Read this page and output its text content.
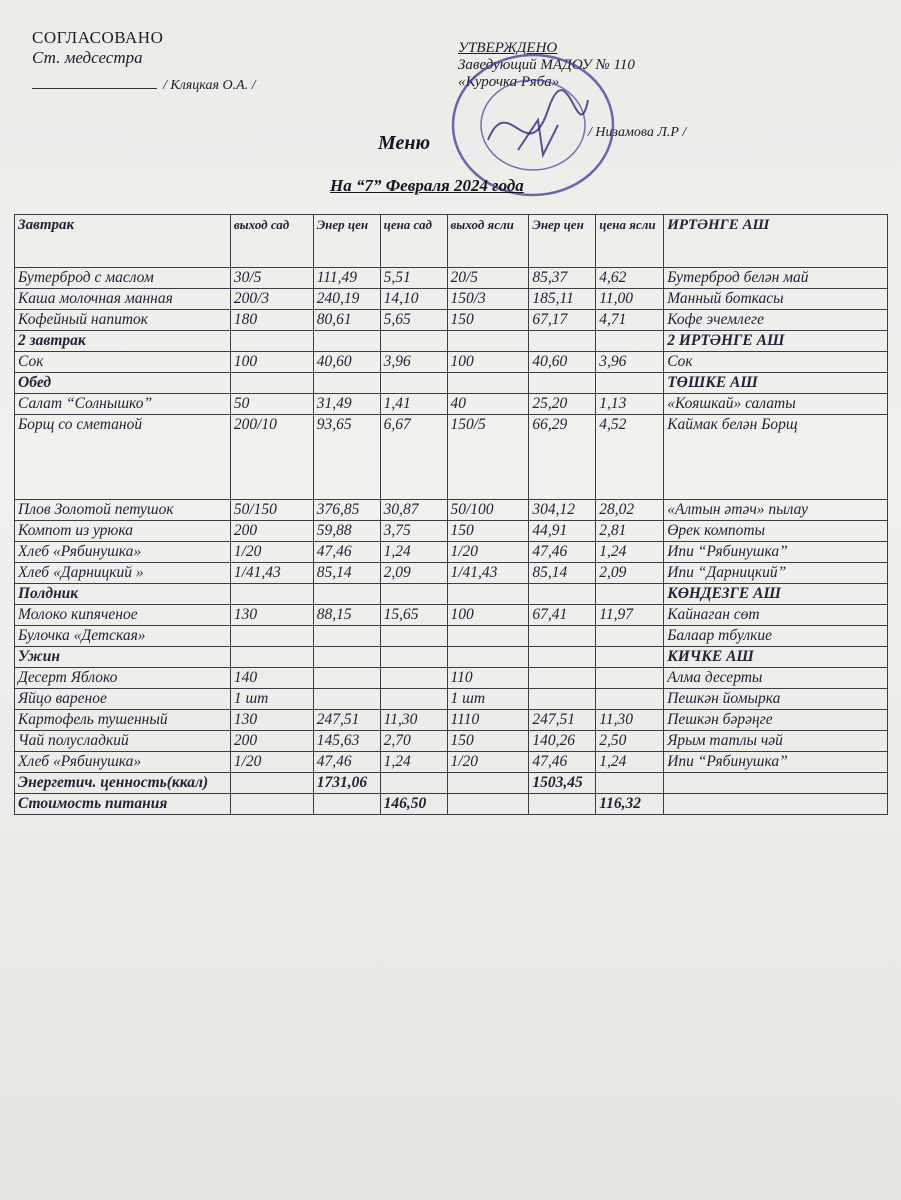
СОГЛАСОВАНО
Ст. медсестра
/ Кляцкая О.А. /
УТВЕРЖДЕНО
Заведующий МАДОУ № 110
«Курочка Ряба»
/ Низамова Л.Р /
Меню
На “7” Февраля 2024 года
Завтрак	выход сад	Энер цен	цена сад	выход ясли	Энер цен	цена ясли	ИРТӘНГЕ АШ
Бутерброд с маслом	30/5	111,49	5,51	20/5	85,37	4,62	Бутерброд белән май
Каша молочная манная	200/3	240,19	14,10	150/3	185,11	11,00	Манный боткасы
Кофейный напиток	180	80,61	5,65	150	67,17	4,71	Кофе эчемлеге
2 завтрак							2 ИРТӘНГЕ АШ
Сок	100	40,60	3,96	100	40,60	3,96	Сок
Обед							ТӨШКЕ АШ
Салат “Солнышко”	50	31,49	1,41	40	25,20	1,13	«Кояшкай» салаты
Борщ со сметаной	200/10	93,65	6,67	150/5	66,29	4,52	Каймак белән Борщ
Плов Золотой петушок	50/150	376,85	30,87	50/100	304,12	28,02	«Алтын әтәч» пылау
Компот из урюка	200	59,88	3,75	150	44,91	2,81	Өрек компоты
Хлеб «Рябинушка»	1/20	47,46	1,24	1/20	47,46	1,24	Ипи “Рябинушка”
Хлеб «Дарницкий »	1/41,43	85,14	2,09	1/41,43	85,14	2,09	Ипи “Дарницкий”
Полдник							КӨНДЕЗГЕ АШ
Молоко кипяченое	130	88,15	15,65	100	67,41	11,97	Кайнаган сөт
Булочка «Детская»							Балаар тбулкие
Ужин							КИЧКЕ АШ
Десерт Яблоко	140			110			Алма десерты
Яйцо вареное	1 шт			1 шт			Пешкән йомырка
Картофель тушенный	130	247,51	11,30	1110	247,51	11,30	Пешкән бәрәңге
Чай полусладкий	200	145,63	2,70	150	140,26	2,50	Ярым татлы чәй
Хлеб «Рябинушка»	1/20	47,46	1,24	1/20	47,46	1,24	Ипи “Рябинушка”
Энергетич. ценность(ккал)		1731,06			1503,45		
Стоимость питания			146,50			116,32	
